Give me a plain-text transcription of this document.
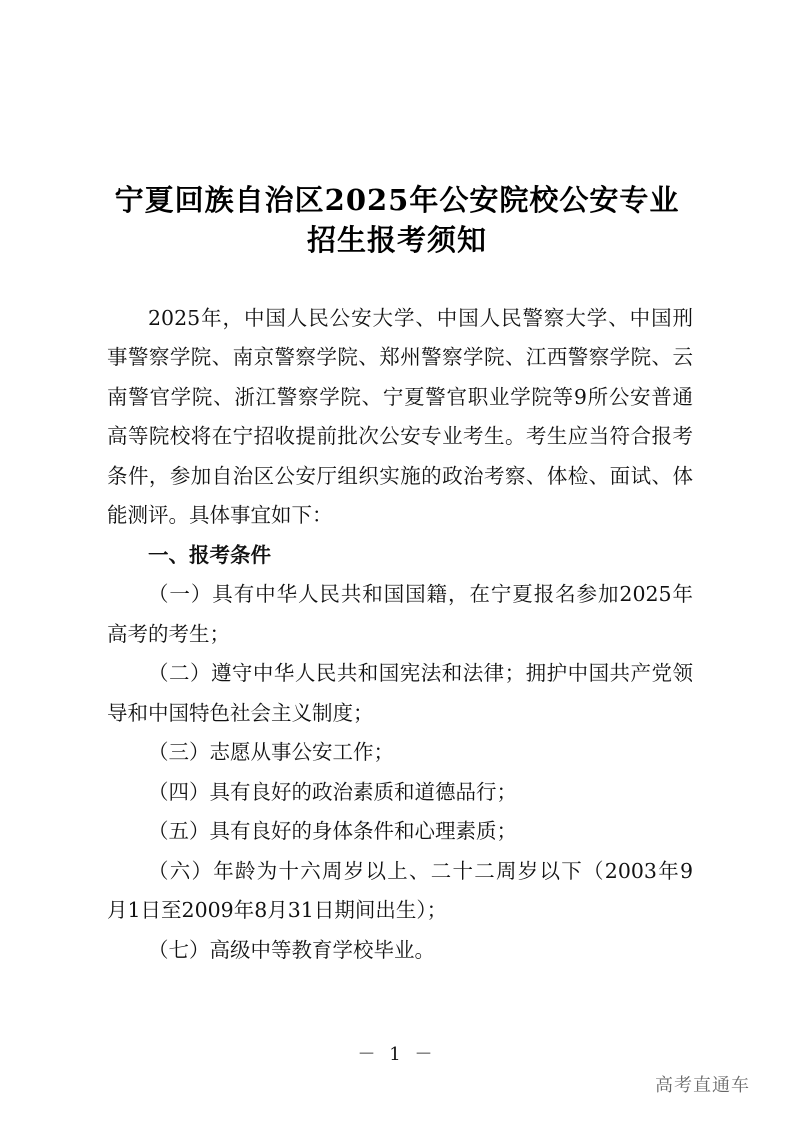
宁夏回族自治区2025年公安院校公安专业
招生报考须知
2025年，中国人民公安大学、中国人民警察大学、中国刑
事警察学院、南京警察学院、郑州警察学院、江西警察学院、云
南警官学院、浙江警察学院、宁夏警官职业学院等9所公安普通
高等院校将在宁招收提前批次公安专业考生。考生应当符合报考
条件，参加自治区公安厅组织实施的政治考察、体检、面试、体
能测评。具体事宜如下：
一、报考条件
（一）具有中华人民共和国国籍，在宁夏报名参加2025年
高考的考生；
（二）遵守中华人民共和国宪法和法律；拥护中国共产党领
导和中国特色社会主义制度；
（三）志愿从事公安工作；
（四）具有良好的政治素质和道德品行；
（五）具有良好的身体条件和心理素质；
（六）年龄为十六周岁以上、二十二周岁以下（2003年9
月1日至2009年8月31日期间出生）；
（七）高级中等教育学校毕业。
－ 1 －
高考直通车
